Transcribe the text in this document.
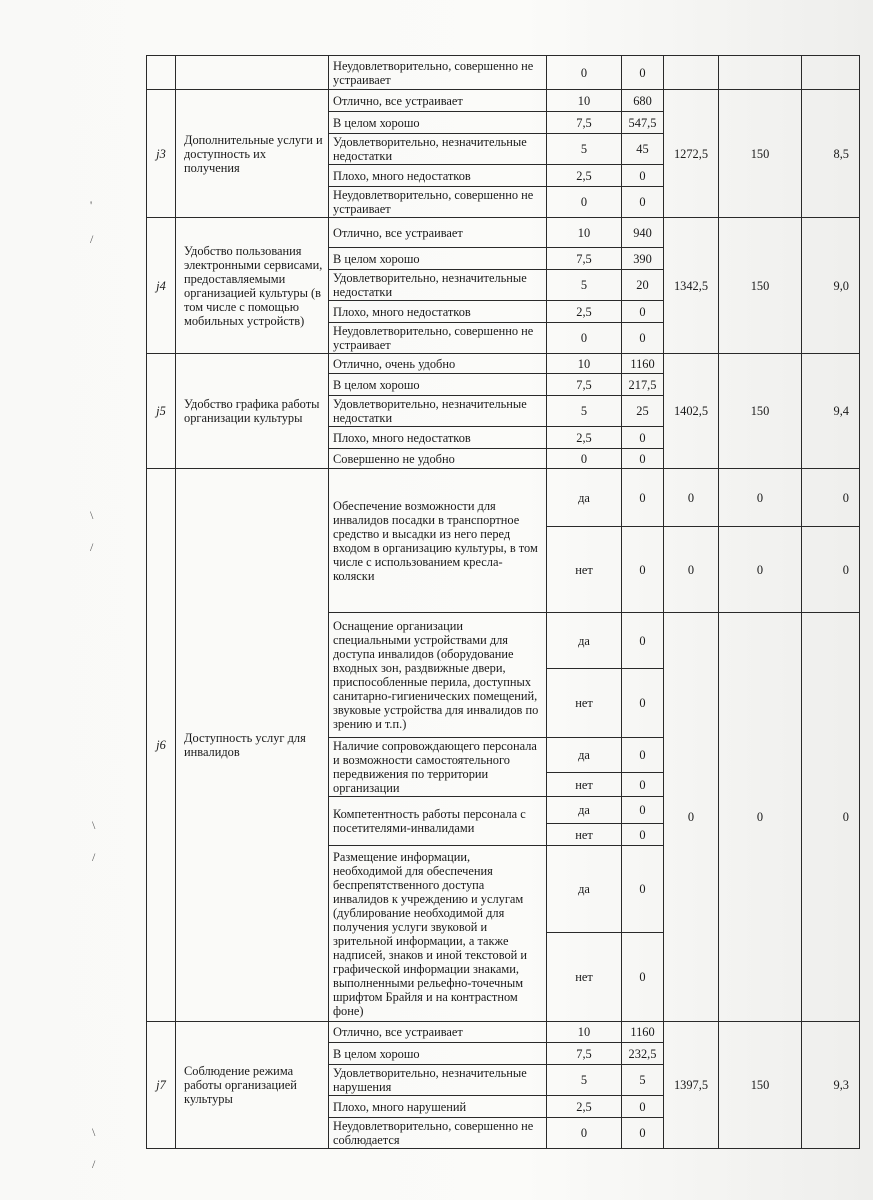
		Неудовлетворительно, совершенно не устраивает	0	0			
j3	Дополнительные услуги и доступность их получения	Отлично, все устраивает	10	680	1272,5	150	8,5
		В целом хорошо	7,5	547,5			
		Удовлетворительно, незначительные недостатки	5	45			
		Плохо, много недостатков	2,5	0			
		Неудовлетворительно, совершенно не устраивает	0	0			
j4	Удобство пользования электронными сервисами, предоставляемыми организацией культуры (в том числе с помощью мобильных устройств)	Отлично, все устраивает	10	940	1342,5	150	9,0
		В целом хорошо	7,5	390			
		Удовлетворительно, незначительные недостатки	5	20			
		Плохо, много недостатков	2,5	0			
		Неудовлетворительно, совершенно не устраивает	0	0			
j5	Удобство графика работы организации культуры	Отлично, очень удобно	10	1160	1402,5	150	9,4
		В целом хорошо	7,5	217,5			
		Удовлетворительно, незначительные недостатки	5	25			
		Плохо, много недостатков	2,5	0			
		Совершенно не удобно	0	0			
j6	Доступность услуг для инвалидов	Обеспечение возможности для инвалидов посадки в транспортное средство и высадки из него перед входом в организацию культуры, в том числе с использованием кресла-коляски	да	0	0	0	0
			нет	0	0	0	0
		Оснащение организации специальными устройствами для доступа инвалидов (оборудование входных зон, раздвижные двери, приспособленные перила, доступных санитарно-гигиенических помещений, звуковые устройства для инвалидов по зрению и т.п.)	да	0	0	0	0
			нет	0			
		Наличие сопровождающего персонала и возможности самостоятельного передвижения по территории организации	да	0			
			нет	0			
		Компетентность работы персонала с посетителями-инвалидами	да	0			
			нет	0			
		Размещение информации, необходимой для обеспечения беспрепятственного доступа инвалидов к учреждению и услугам (дублирование необходимой для получения услуги звуковой и зрительной информации, а также надписей, знаков и иной текстовой и графической информации знаками, выполненными рельефно-точечным шрифтом Брайля и на контрастном фоне)	да	0			
			нет	0			
j7	Соблюдение режима работы организацией культуры	Отлично, все устраивает	10	1160	1397,5	150	9,3
		В целом хорошо	7,5	232,5			
		Удовлетворительно, незначительные нарушения	5	5			
		Плохо, много нарушений	2,5	0			
		Неудовлетворительно, совершенно не соблюдается	0	0			
'
/
\
/
\
/
\
/
